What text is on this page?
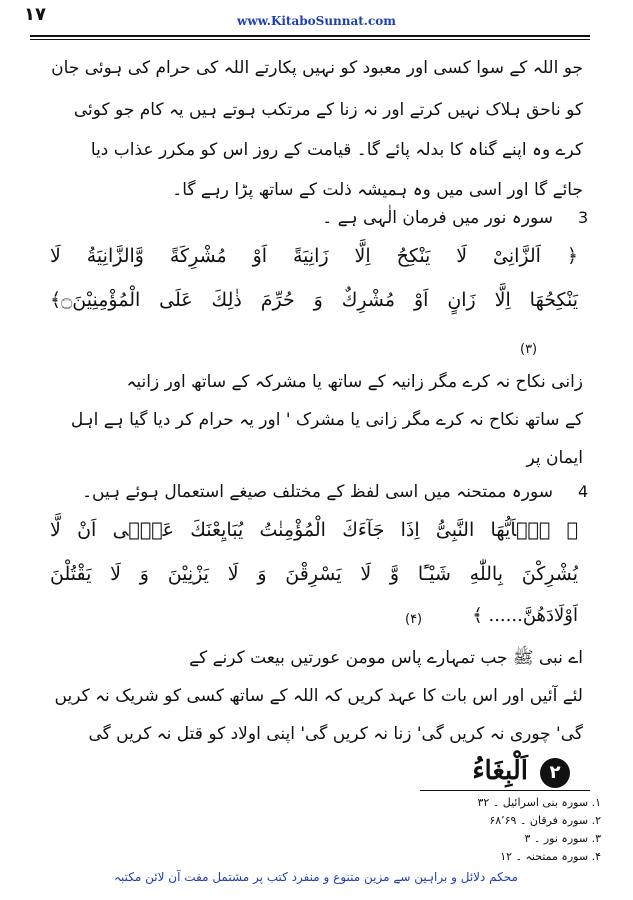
۱۷	www.KitaboSunnat.com
جو اللہ کے سوا کسی اور معبود کو نہیں پکارتے اللہ کی حرام کی ہوئی جان
کو ناحق ہلاک نہیں کرتے اور نہ زنا کے مرتکب ہوتے ہیں یہ کام جو کوئی
کرے وہ اپنے گناہ کا بدلہ پائے گا۔ قیامت کے روز اس کو مکرر عذاب دیا
جائے گا اور اسی میں وہ ہمیشہ ذلت کے ساتھ پڑا رہے گا۔
3
سورہ نور میں فرمان الٰہی ہے ۔
﴿ اَلزَّانِیْ لَا یَنْكِحُ اِلَّا زَانِیَةً اَوْ مُشْرِكَةً وَّالزَّانِیَةُ لَا
یَنْكِحُهَا اِلَّا زَانٍ اَوْ مُشْرِكٌ وَ حُرِّمَ ذٰلِكَ عَلَى الْمُؤْمِنِیْنَ۝﴾
(۳)
زانی نکاح نہ کرے مگر زانیہ کے ساتھ یا مشرکہ کے ساتھ اور زانیہ
کے ساتھ نکاح نہ کرے مگر زانی یا مشرک ' اور یہ حرام کر دیا گیا ہے اہل
ایمان پر
4
سورہ ممتحنہ میں اسی لفظ کے مختلف صیغے استعمال ہوئے ہیں۔
﴿ یٰۤاَیُّهَا النَّبِیُّ اِذَا جَآءَكَ الْمُؤْمِنٰتُ یُبَایِعْنَكَ عَلٰۤى اَنْ لَّا
یُشْرِكْنَ بِاللّٰهِ شَیْـًٔا وَّ لَا یَسْرِقْنَ وَ لَا یَزْنِیْنَ وَ لَا یَقْتُلْنَ
اَوْلَادَهُنَّ...... ﴾
(۴)
اے نبی ﷺ جب تمہارے پاس مومن عورتیں بیعت کرنے کے
لئے آئیں اور اس بات کا عہد کریں کہ اللہ کے ساتھ کسی کو شریک نہ کریں
گی' چوری نہ کریں گی' زنا نہ کریں گی' اپنی اولاد کو قتل نہ کریں گی
۲
اَلْبِغَاءُ
۱. سورہ بنی اسرائیل ۔ ۳۲
۲. سورہ فرقان ۔ ۶۸٬۶۹
۳. سورہ نور ۔ ۳
۴. سورہ ممتحنہ ۔ ۱۲
محکم دلائل و براہین سے مزین متنوع و منفرد کتب پر مشتمل مفت آن لائن مکتبہ
